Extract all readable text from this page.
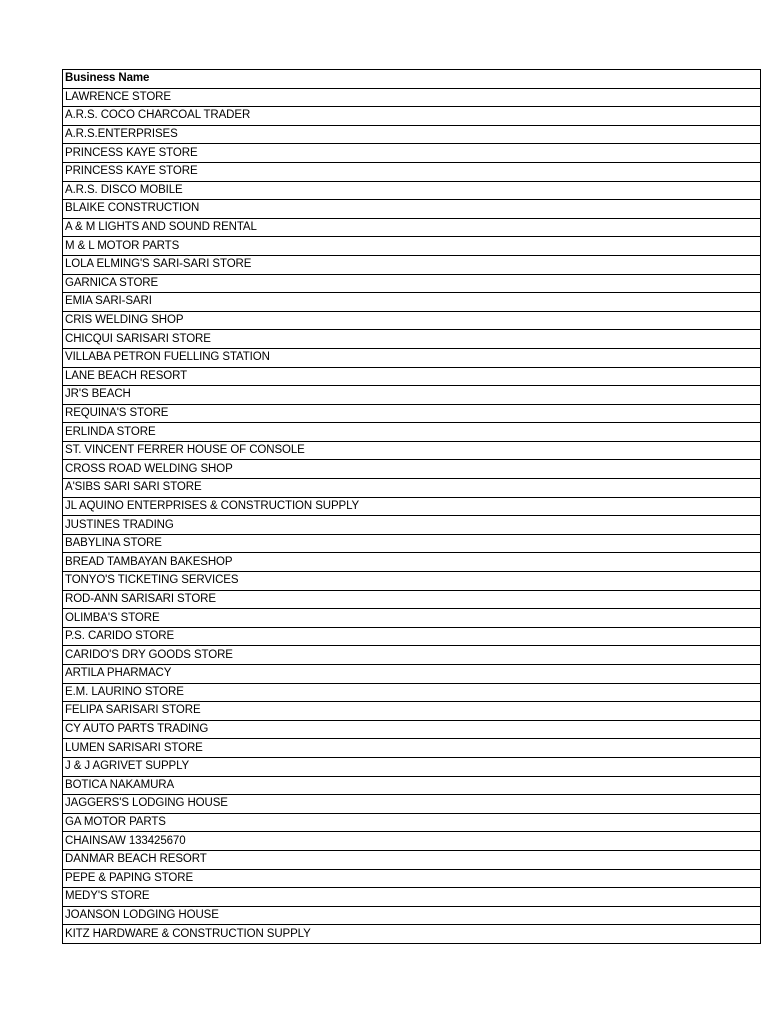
Business Name
LAWRENCE STORE
A.R.S. COCO CHARCOAL TRADER
A.R.S.ENTERPRISES
PRINCESS KAYE STORE
PRINCESS KAYE STORE
A.R.S. DISCO MOBILE
BLAIKE CONSTRUCTION
A & M LIGHTS AND SOUND RENTAL
M & L MOTOR PARTS
LOLA ELMING'S SARI-SARI STORE
GARNICA STORE
EMIA SARI-SARI
CRIS WELDING SHOP
CHICQUI SARISARI STORE
VILLABA PETRON FUELLING STATION
LANE BEACH RESORT
JR'S BEACH
REQUINA'S STORE
ERLINDA STORE
ST. VINCENT FERRER HOUSE OF CONSOLE
CROSS ROAD WELDING SHOP
A'SIBS SARI SARI STORE
JL AQUINO ENTERPRISES & CONSTRUCTION SUPPLY
JUSTINES TRADING
BABYLINA STORE
BREAD TAMBAYAN BAKESHOP
TONYO'S TICKETING SERVICES
ROD-ANN SARISARI STORE
OLIMBA'S STORE
P.S. CARIDO STORE
CARIDO'S DRY GOODS STORE
ARTILA PHARMACY
E.M. LAURINO STORE
FELIPA SARISARI STORE
CY AUTO PARTS TRADING
LUMEN SARISARI STORE
J & J AGRIVET SUPPLY
BOTICA NAKAMURA
JAGGERS'S LODGING HOUSE
GA MOTOR PARTS
CHAINSAW 133425670
DANMAR BEACH RESORT
PEPE & PAPING STORE
MEDY'S STORE
JOANSON LODGING HOUSE
KITZ HARDWARE & CONSTRUCTION SUPPLY
